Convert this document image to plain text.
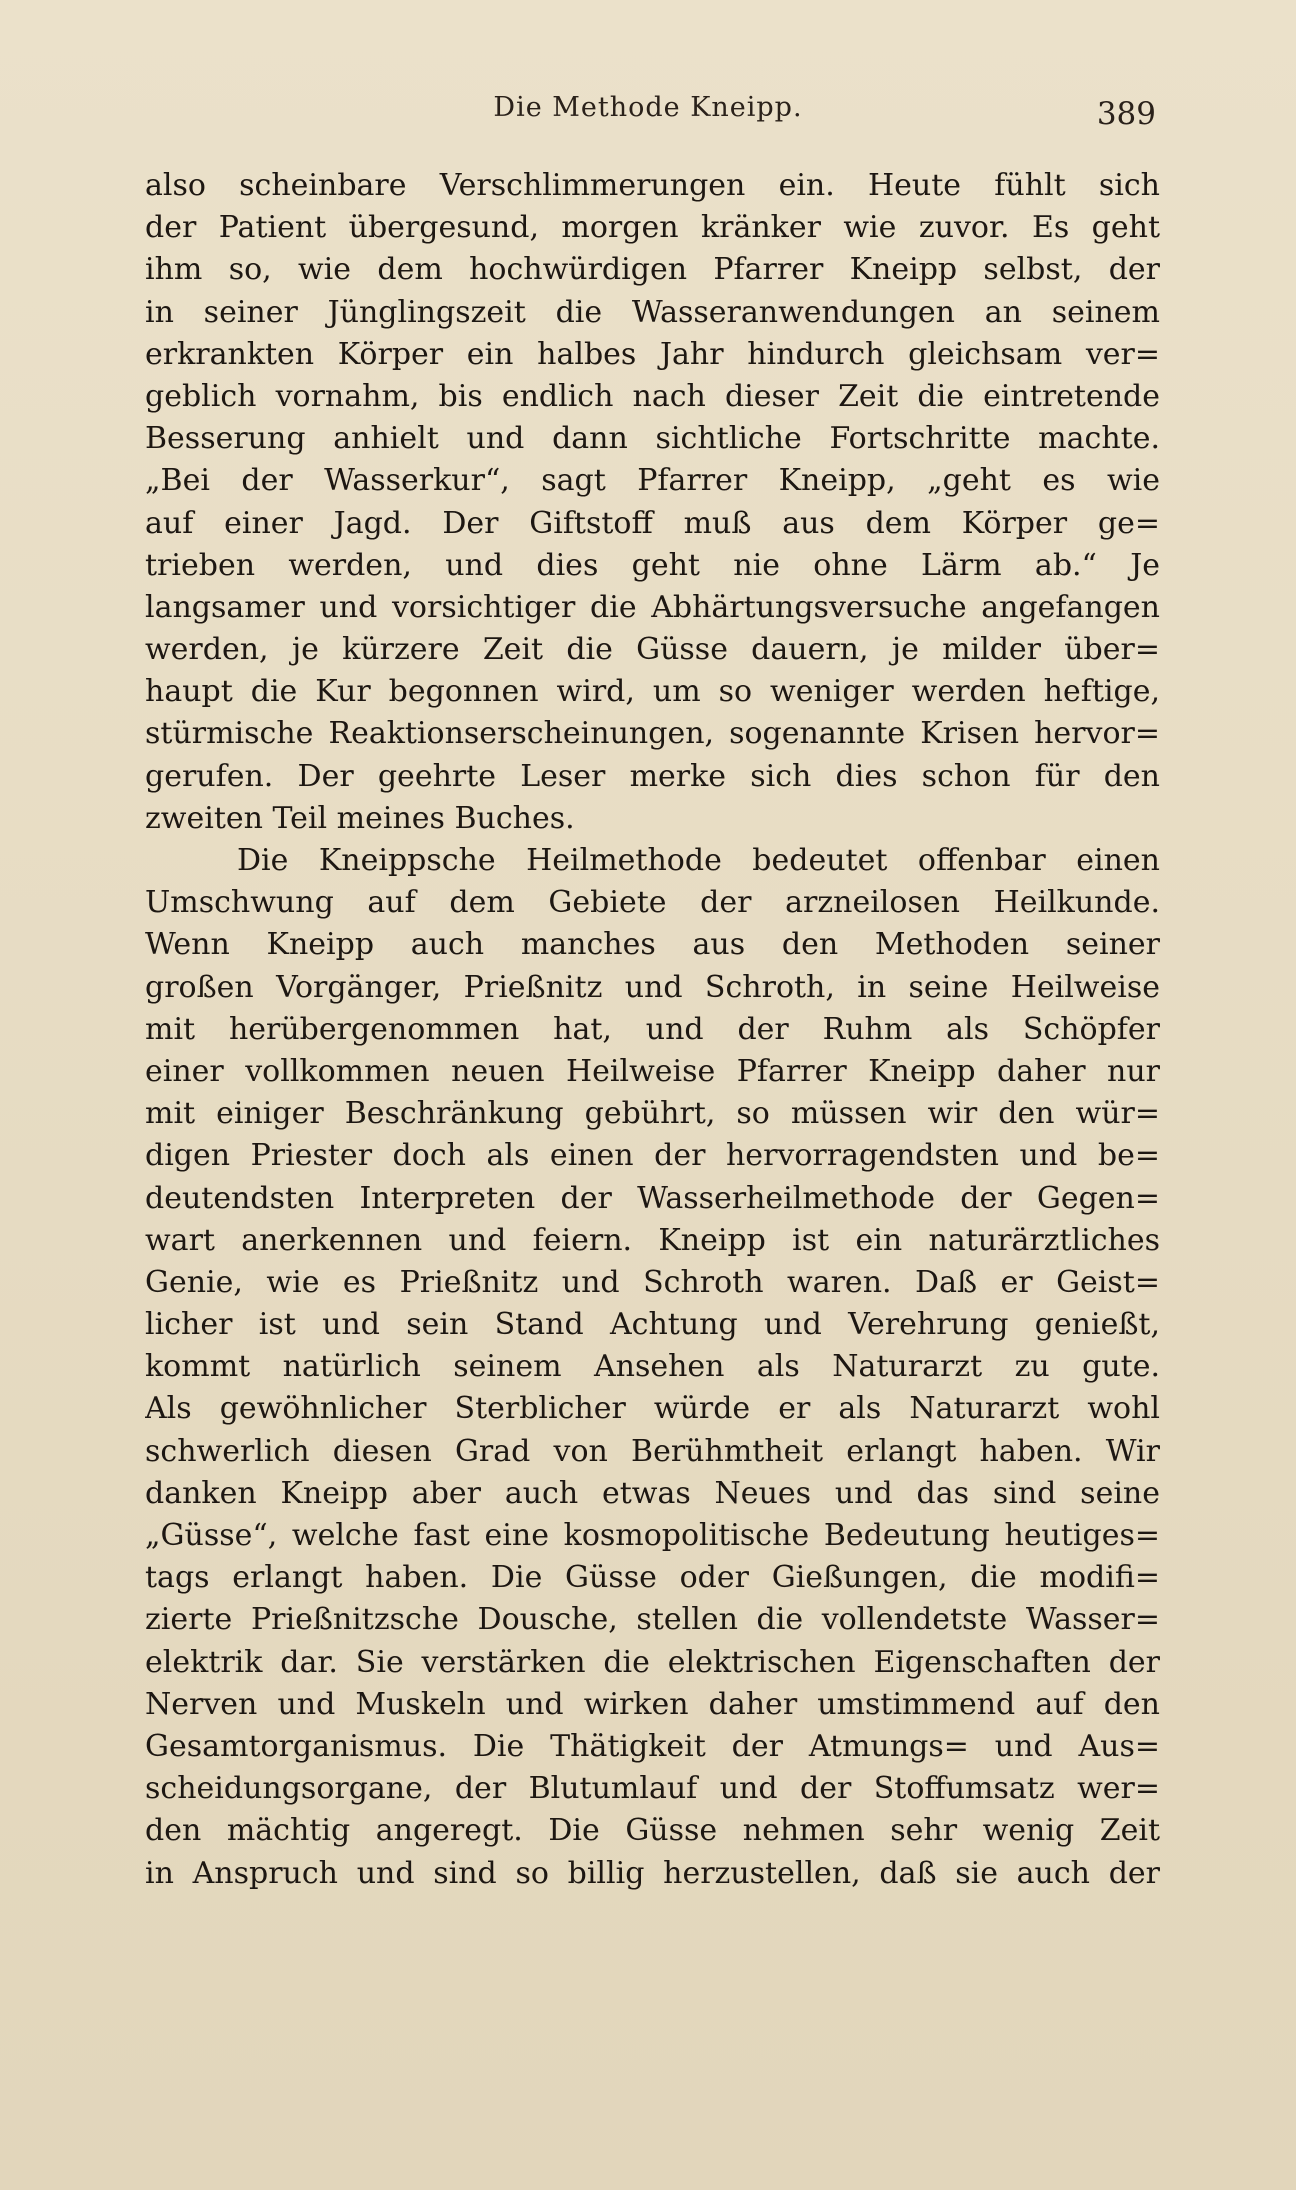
Die Methode Kneipp.	389
also scheinbare Verschlimmerungen ein. Heute fühlt sich
der Patient übergesund, morgen kränker wie zuvor. Es geht
ihm so, wie dem hochwürdigen Pfarrer Kneipp selbst, der
in seiner Jünglingszeit die Wasseranwendungen an seinem
erkrankten Körper ein halbes Jahr hindurch gleichsam ver=
geblich vornahm, bis endlich nach dieser Zeit die eintretende
Besserung anhielt und dann sichtliche Fortschritte machte.
„Bei der Wasserkur“, sagt Pfarrer Kneipp, „geht es wie
auf einer Jagd. Der Giftstoff muß aus dem Körper ge=
trieben werden, und dies geht nie ohne Lärm ab.“ Je
langsamer und vorsichtiger die Abhärtungsversuche angefangen
werden, je kürzere Zeit die Güsse dauern, je milder über=
haupt die Kur begonnen wird, um so weniger werden heftige,
stürmische Reaktionserscheinungen, sogenannte Krisen hervor=
gerufen. Der geehrte Leser merke sich dies schon für den
zweiten Teil meines Buches.
Die Kneippsche Heilmethode bedeutet offenbar einen
Umschwung auf dem Gebiete der arzneilosen Heilkunde.
Wenn Kneipp auch manches aus den Methoden seiner
großen Vorgänger, Prießnitz und Schroth, in seine Heilweise
mit herübergenommen hat, und der Ruhm als Schöpfer
einer vollkommen neuen Heilweise Pfarrer Kneipp daher nur
mit einiger Beschränkung gebührt, so müssen wir den wür=
digen Priester doch als einen der hervorragendsten und be=
deutendsten Interpreten der Wasserheilmethode der Gegen=
wart anerkennen und feiern. Kneipp ist ein naturärztliches
Genie, wie es Prießnitz und Schroth waren. Daß er Geist=
licher ist und sein Stand Achtung und Verehrung genießt,
kommt natürlich seinem Ansehen als Naturarzt zu gute.
Als gewöhnlicher Sterblicher würde er als Naturarzt wohl
schwerlich diesen Grad von Berühmtheit erlangt haben. Wir
danken Kneipp aber auch etwas Neues und das sind seine
„Güsse“, welche fast eine kosmopolitische Bedeutung heutiges=
tags erlangt haben. Die Güsse oder Gießungen, die modifi=
zierte Prießnitzsche Dousche, stellen die vollendetste Wasser=
elektrik dar. Sie verstärken die elektrischen Eigenschaften der
Nerven und Muskeln und wirken daher umstimmend auf den
Gesamtorganismus. Die Thätigkeit der Atmungs= und Aus=
scheidungsorgane, der Blutumlauf und der Stoffumsatz wer=
den mächtig angeregt. Die Güsse nehmen sehr wenig Zeit
in Anspruch und sind so billig herzustellen, daß sie auch der
